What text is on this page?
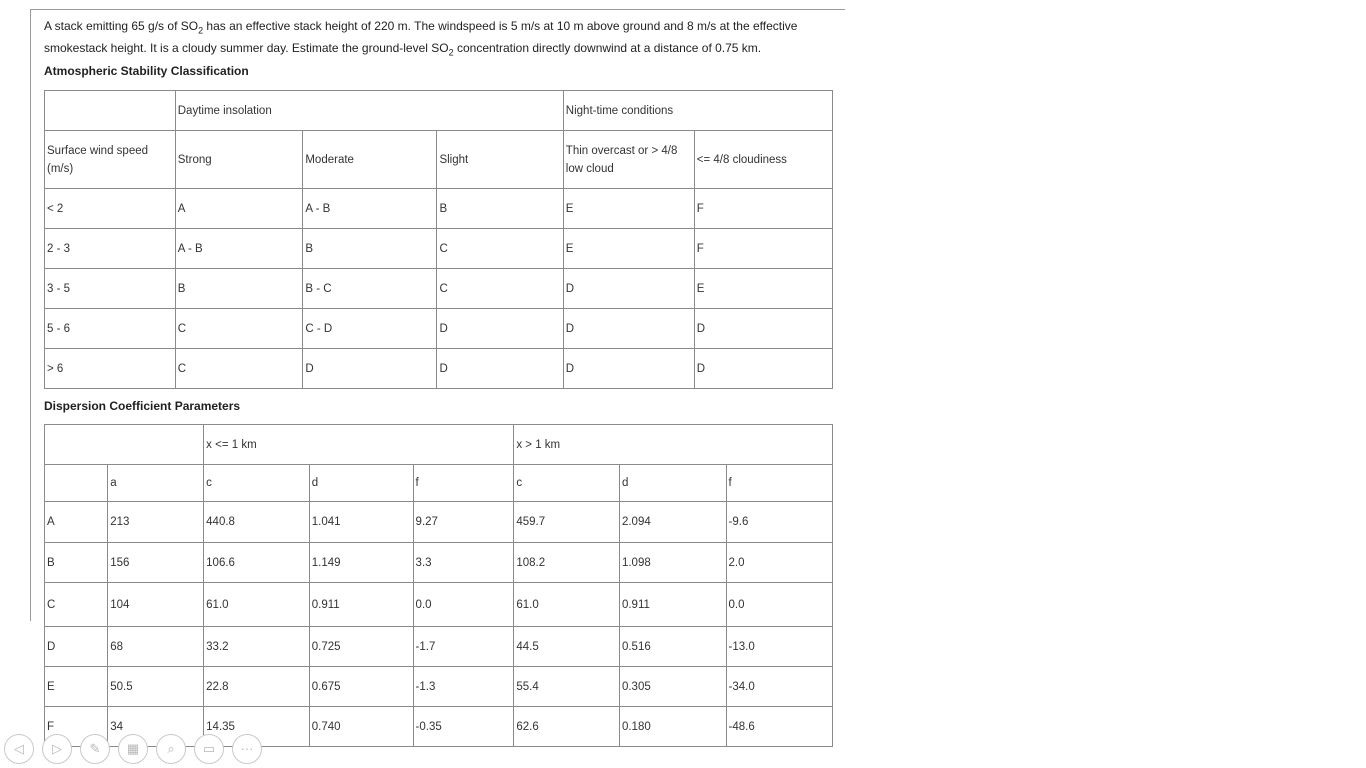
A stack emitting 65 g/s of $SO_2$ has an effective stack height of 220 m. The windspeed is 5 m/s at 10 m above ground and 8 m/s at the effective smokestack height. It is a cloudy summer day. Estimate the ground-level $SO_2$ concentration directly downwind at a distance of 0.75 km.
Atmospheric Stability Classification
	Daytime insolation			Night-time conditions	
Surface wind speed (m/s)	Strong	Moderate	Slight	Thin overcast or > 4/8 low cloud	<= 4/8 cloudiness
< 2	A	A - B	B	E	F
2 - 3	A - B	B	C	E	F
3 - 5	B	B - C	C	D	E
5 - 6	C	C - D	D	D	D
> 6	C	D	D	D	D
Dispersion Coefficient Parameters
		x <= 1 km			x > 1 km		
	a	c	d	f	c	d	f
A	213	440.8	1.041	9.27	459.7	2.094	-9.6
B	156	106.6	1.149	3.3	108.2	1.098	2.0
C	104	61.0	0.911	0.0	61.0	0.911	0.0
D	68	33.2	0.725	-1.7	44.5	0.516	-13.0
E	50.5	22.8	0.675	-1.3	55.4	0.305	-34.0
F	34	14.35	0.740	-0.35	62.6	0.180	-48.6
◁	▷	✎	▦	⌕	▭	···
